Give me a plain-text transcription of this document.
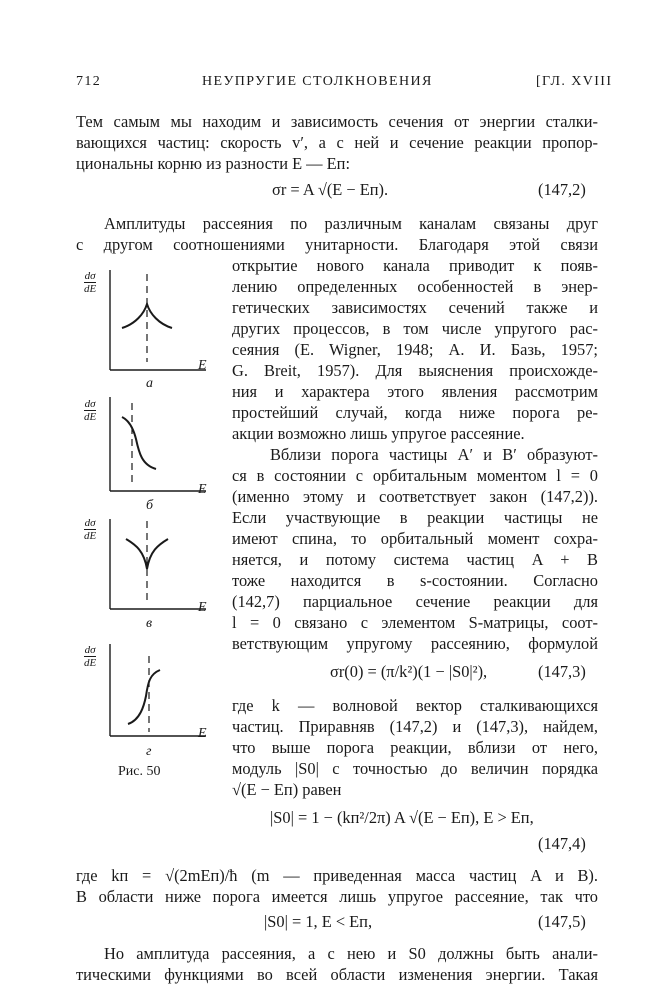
712	НЕУПРУГИЕ СТОЛКНОВЕНИЯ	[ГЛ. XVIII
Тем самым мы находим и зависимость сечения от энергии сталки-
вающихся частиц: скорость v′, а с ней и сечение реакции пропор-
циональны корню из разности E — Eп:
σr = A √(E − Eп).	(147,2)
Амплитуды рассеяния по различным каналам связаны друг
с другом соотношениями унитарности. Благодаря этой связи
открытие нового канала приводит к появ-
лению определенных особенностей в энер-
гетических зависимостях сечений также и
других процессов, в том числе упругого рас-
сеяния (E. Wigner, 1948; А. И. Базь, 1957;
G. Breit, 1957). Для выяснения происхожде-
ния и характера этого явления рассмотрим
простейший случай, когда ниже порога ре-
акции возможно лишь упругое рассеяние.
Вблизи порога частицы A′ и B′ образуют-
ся в состоянии с орбитальным моментом l = 0
(именно этому и соответствует закон (147,2)).
Если участвующие в реакции частицы не
имеют спина, то орбитальный момент сохра-
няется, и потому система частиц A + B
тоже находится в s-состоянии. Согласно
(142,7) парциальное сечение реакции для
l = 0 связано с элементом S-матрицы, соот-
ветствующим упругому рассеянию, формулой
σr(0) = (π/k²)(1 − |S0|²),	(147,3)
где k — волновой вектор сталкивающихся
частиц. Приравняв (147,2) и (147,3), найдем,
что выше порога реакции, вблизи от него,
модуль |S0| с точностью до величин порядка
√(E − Eп) равен
|S0| = 1 − (kп²/2π) A √(E − Eп), E > Eп,
(147,4)
где kп = √(2mEп)/ħ (m — приведенная масса частиц A и B).
В области ниже порога имеется лишь упругое рассеяние, так что
|S0| = 1, E < Eп,	(147,5)
Но амплитуда рассеяния, а с нею и S0 должны быть анали-
тическими функциями во всей области изменения энергии. Такая
dσ
dE
dσ
dE
dσ
dE
dσ
dE
E
E
E
E
а
б
в
г
Рис. 50
